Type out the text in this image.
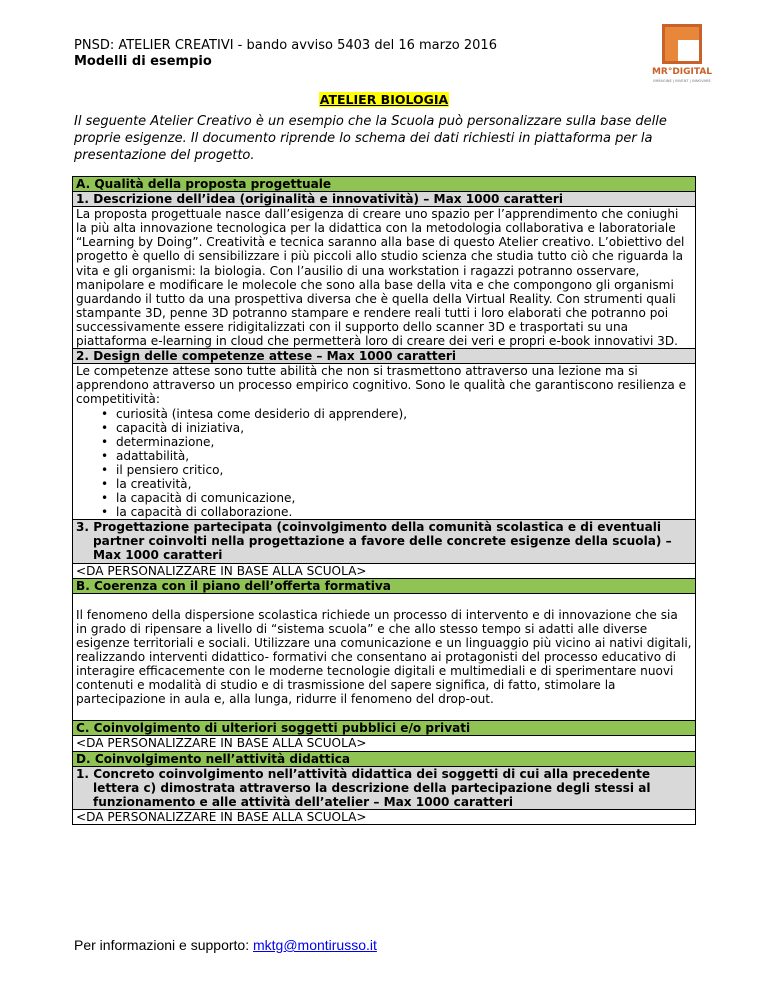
PNSD: ATELIER CREATIVI - bando avviso 5403 del 16 marzo 2016
Modelli di esempio
MR°DIGITAL
IMMAGINE | INVENT | INNOVARE
ATELIER BIOLOGIA
Il seguente Atelier Creativo è un esempio che la Scuola può personalizzare sulla base delle proprie esigenze. Il documento riprende lo schema dei dati richiesti in piattaforma per la presentazione del progetto.
A. Qualità della proposta progettuale
1. Descrizione dell’idea (originalità e innovatività) – Max 1000 caratteri
La proposta progettuale nasce dall’esigenza di creare uno spazio per l’apprendimento che coniughi la più alta innovazione tecnologica per la didattica con la metodologia collaborativa e laboratoriale “Learning by Doing”. Creatività e tecnica saranno alla base di questo Atelier creativo. L’obiettivo del progetto è quello di sensibilizzare i più piccoli allo studio scienza che studia tutto ciò che riguarda la vita e gli organismi: la biologia. Con l’ausilio di una workstation i ragazzi potranno osservare, manipolare e modificare le molecole che sono alla base della vita e che compongono gli organismi guardando il tutto da una prospettiva diversa che è quella della Virtual Reality. Con strumenti quali stampante 3D, penne 3D potranno stampare e rendere reali tutti i loro elaborati che potranno poi successivamente essere ridigitalizzati con il supporto dello scanner 3D e trasportati su una piattaforma e-learning in cloud che permetterà loro di creare dei veri e propri e-book innovativi 3D.
2. Design delle competenze attese – Max 1000 caratteri
Le competenze attese sono tutte abilità che non si trasmettono attraverso una lezione ma si apprendono attraverso un processo empirico cognitivo. Sono le qualità che garantiscono resilienza e competitività:
• curiosità (intesa come desiderio di apprendere),
• capacità di iniziativa,
• determinazione,
• adattabilità,
• il pensiero critico,
• la creatività,
• la capacità di comunicazione,
• la capacità di collaborazione.
3. Progettazione partecipata (coinvolgimento della comunità scolastica e di eventuali partner coinvolti nella progettazione a favore delle concrete esigenze della scuola) – Max 1000 caratteri
<DA PERSONALIZZARE IN BASE ALLA SCUOLA>
B. Coerenza con il piano dell’offerta formativa
Il fenomeno della dispersione scolastica richiede un processo di intervento e di innovazione che sia in grado di ripensare a livello di “sistema scuola” e che allo stesso tempo si adatti alle diverse esigenze territoriali e sociali. Utilizzare una comunicazione e un linguaggio più vicino ai nativi digitali, realizzando interventi didattico- formativi che consentano ai protagonisti del processo educativo di interagire efficacemente con le moderne tecnologie digitali e multimediali e di sperimentare nuovi contenuti e modalità di studio e di trasmissione del sapere significa, di fatto, stimolare la partecipazione in aula e, alla lunga, ridurre il fenomeno del drop-out.
C. Coinvolgimento di ulteriori soggetti pubblici e/o privati
<DA PERSONALIZZARE IN BASE ALLA SCUOLA>
D. Coinvolgimento nell’attività didattica
1. Concreto coinvolgimento nell’attività didattica dei soggetti di cui alla precedente lettera c) dimostrata attraverso la descrizione della partecipazione degli stessi al funzionamento e alle attività dell’atelier – Max 1000 caratteri
<DA PERSONALIZZARE IN BASE ALLA SCUOLA>
Per informazioni e supporto: mktg@montirusso.it
